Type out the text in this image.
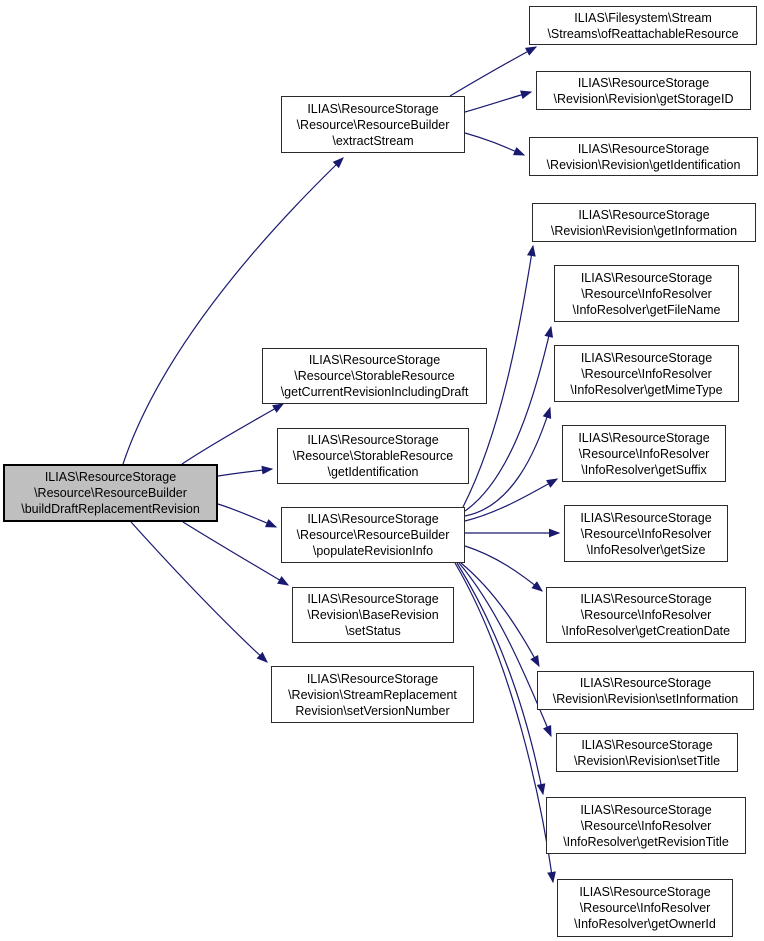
ILIAS\ResourceStorage
\Resource\ResourceBuilder
\buildDraftReplacementRevision
ILIAS\ResourceStorage
\Resource\ResourceBuilder
\extractStream
ILIAS\ResourceStorage
\Resource\StorableResource
\getCurrentRevisionIncludingDraft
ILIAS\ResourceStorage
\Resource\StorableResource
\getIdentification
ILIAS\ResourceStorage
\Resource\ResourceBuilder
\populateRevisionInfo
ILIAS\ResourceStorage
\Revision\BaseRevision
\setStatus
ILIAS\ResourceStorage
\Revision\StreamReplacement
Revision\setVersionNumber
ILIAS\Filesystem\Stream
\Streams\ofReattachableResource
ILIAS\ResourceStorage
\Revision\Revision\getStorageID
ILIAS\ResourceStorage
\Revision\Revision\getIdentification
ILIAS\ResourceStorage
\Revision\Revision\getInformation
ILIAS\ResourceStorage
\Resource\InfoResolver
\InfoResolver\getFileName
ILIAS\ResourceStorage
\Resource\InfoResolver
\InfoResolver\getMimeType
ILIAS\ResourceStorage
\Resource\InfoResolver
\InfoResolver\getSuffix
ILIAS\ResourceStorage
\Resource\InfoResolver
\InfoResolver\getSize
ILIAS\ResourceStorage
\Resource\InfoResolver
\InfoResolver\getCreationDate
ILIAS\ResourceStorage
\Revision\Revision\setInformation
ILIAS\ResourceStorage
\Revision\Revision\setTitle
ILIAS\ResourceStorage
\Resource\InfoResolver
\InfoResolver\getRevisionTitle
ILIAS\ResourceStorage
\Resource\InfoResolver
\InfoResolver\getOwnerId
